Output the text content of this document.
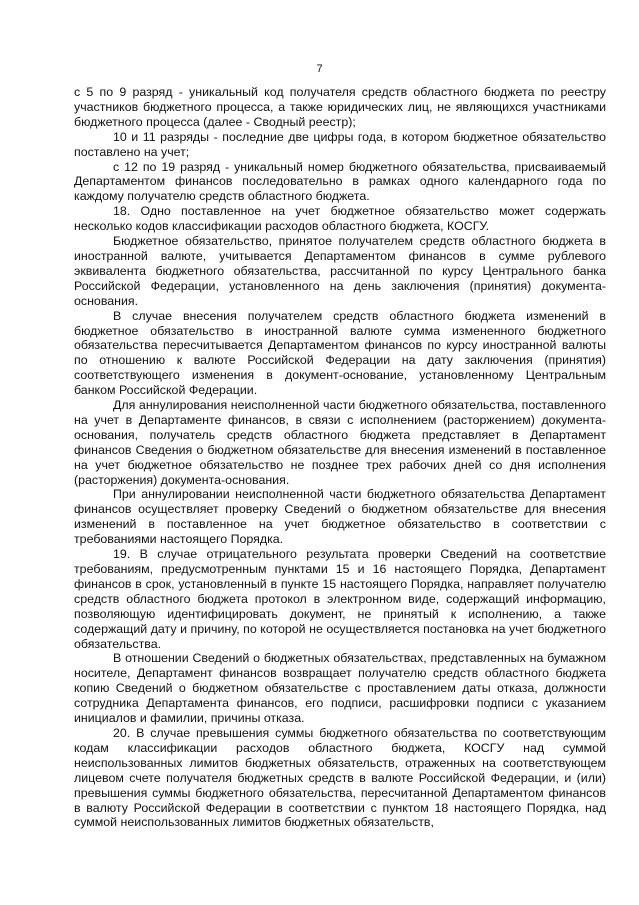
7

с 5 по 9 разряд - уникальный код получателя средств областного бюджета по реестру участников бюджетного процесса, а также юридических лиц, не являющихся участниками бюджетного процесса (далее - Сводный реестр);

10 и 11 разряды - последние две цифры года, в котором бюджетное обязательство поставлено на учет;

с 12 по 19 разряд - уникальный номер бюджетного обязательства, присваиваемый Департаментом финансов последовательно в рамках одного календарного года по каждому получателю средств областного бюджета.

18. Одно поставленное на учет бюджетное обязательство может содержать несколько кодов классификации расходов областного бюджета, КОСГУ.

Бюджетное обязательство, принятое получателем средств областного бюджета в иностранной валюте, учитывается Департаментом финансов в сумме рублевого эквивалента бюджетного обязательства, рассчитанной по курсу Центрального банка Российской Федерации, установленного на день заключения (принятия) документа-основания.

В случае внесения получателем средств областного бюджета изменений в бюджетное обязательство в иностранной валюте сумма измененного бюджетного обязательства пересчитывается Департаментом финансов по курсу иностранной валюты по отношению к валюте Российской Федерации на дату заключения (принятия) соответствующего изменения в документ-основание, установленному Центральным банком Российской Федерации.

Для аннулирования неисполненной части бюджетного обязательства, поставленного на учет в Департаменте финансов, в связи с исполнением (расторжением) документа-основания, получатель средств областного бюджета представляет в Департамент финансов Сведения о бюджетном обязательстве для внесения изменений в поставленное на учет бюджетное обязательство не позднее трех рабочих дней со дня исполнения (расторжения) документа-основания.

При аннулировании неисполненной части бюджетного обязательства Департамент финансов осуществляет проверку Сведений о бюджетном обязательстве для внесения изменений в поставленное на учет бюджетное обязательство в соответствии с требованиями настоящего Порядка.

19. В случае отрицательного результата проверки Сведений на соответствие требованиям, предусмотренным пунктами 15 и 16 настоящего Порядка, Департамент финансов в срок, установленный в пункте 15 настоящего Порядка, направляет получателю средств областного бюджета протокол в электронном виде, содержащий информацию, позволяющую идентифицировать документ, не принятый к исполнению, а также содержащий дату и причину, по которой не осуществляется постановка на учет бюджетного обязательства.

В отношении Сведений о бюджетных обязательствах, представленных на бумажном носителе, Департамент финансов возвращает получателю средств областного бюджета копию Сведений о бюджетном обязательстве с проставлением даты отказа, должности сотрудника Департамента финансов, его подписи, расшифровки подписи с указанием инициалов и фамилии, причины отказа.

20. В случае превышения суммы бюджетного обязательства по соответствующим кодам классификации расходов областного бюджета, КОСГУ над суммой неиспользованных лимитов бюджетных обязательств, отраженных на соответствующем лицевом счете получателя бюджетных средств в валюте Российской Федерации, и (или) превышения суммы бюджетного обязательства, пересчитанной Департаментом финансов в валюту Российской Федерации в соответствии с пунктом 18 настоящего Порядка, над суммой неиспользованных лимитов бюджетных обязательств,
